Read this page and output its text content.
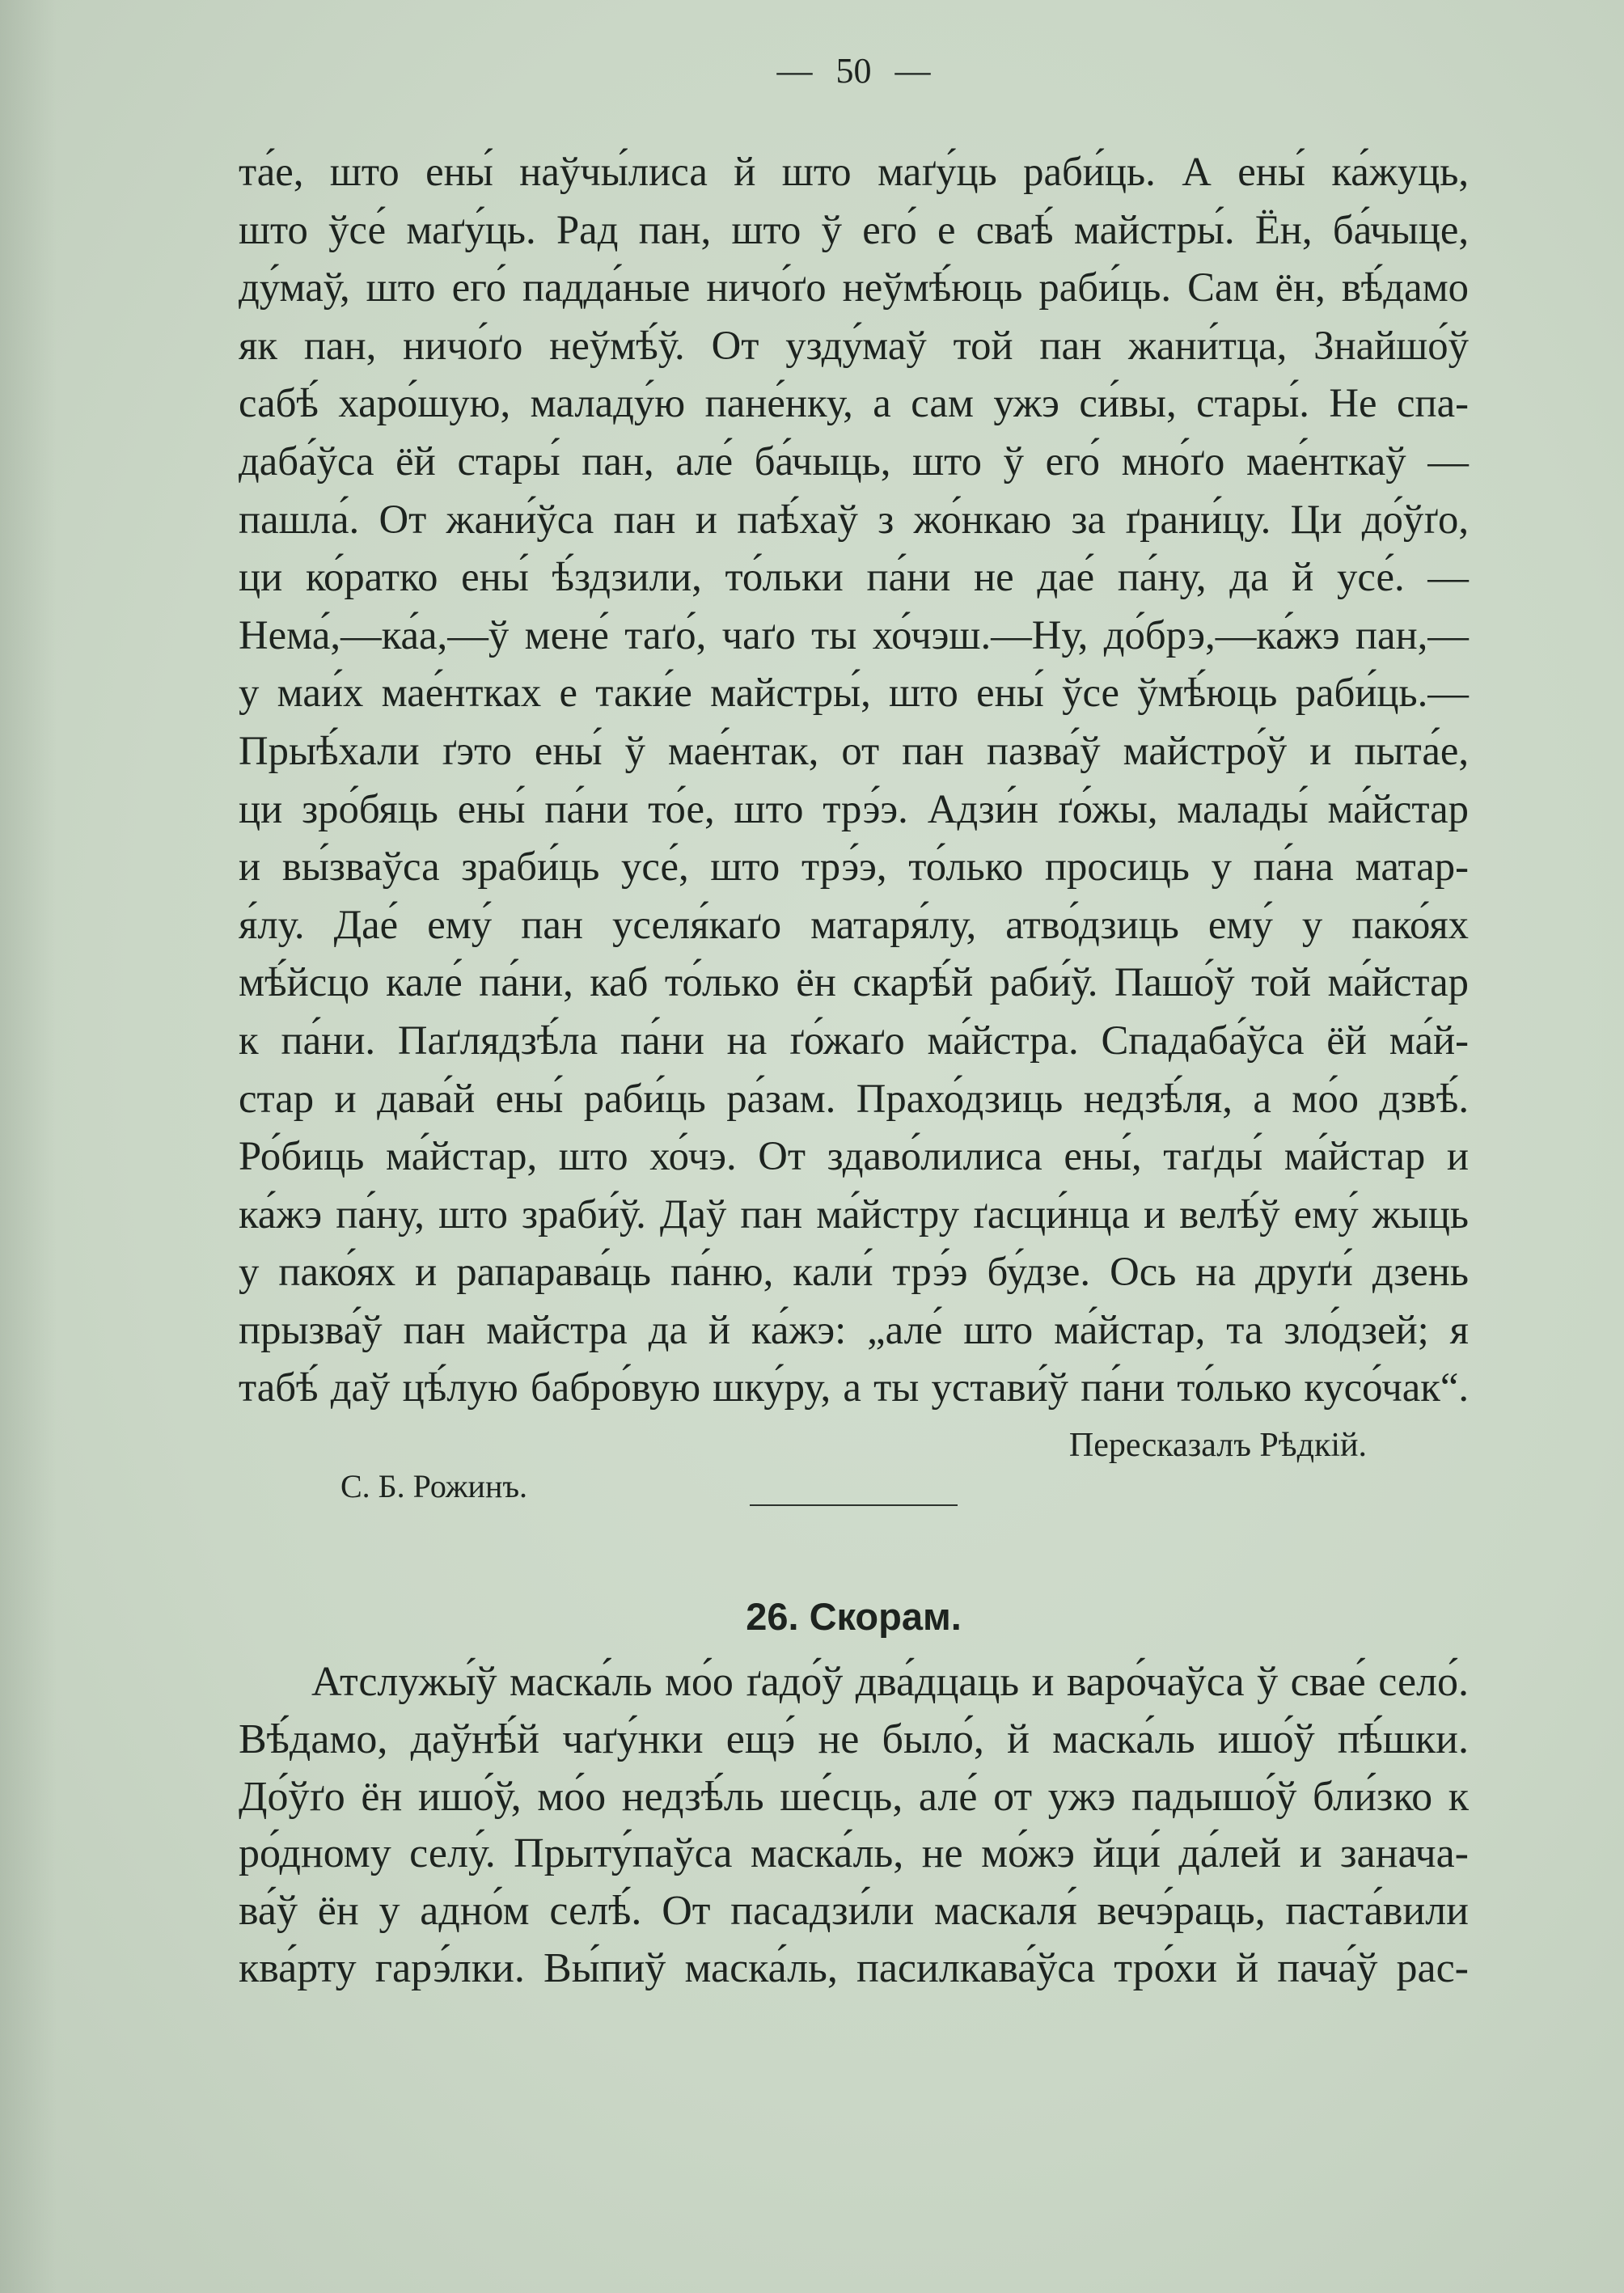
— 50 —
та́е, што ены́ наўчы́лиса й што маґу́ць раби́ць. А ены́ ка́жуць,
што ўсе́ маґу́ць. Рад пан, што ў его́ е сваѣ́ майстры́. Ён, ба́чыце,
ду́маў, што его́ падда́ные ничо́ґо неўмѣ́юць раби́ць. Сам ён, вѣ́дамо
як пан, ничо́ґо неўмѣ́ў. От узду́маў той пан жани́тца, Знайшо́ў
сабѣ́ харо́шую, маладу́ю пане́нку, а сам ужэ си́вы, стары́. Не спа-
даба́ўса ёй стары́ пан, але́ ба́чыць, што ў его́ мно́ґо мае́нткаў —
пашла́. От жани́ўса пан и паѣ́хаў з жо́нкаю за ґрани́цу. Ци до́ўґо,
ци ко́ратко ены́ ѣ́здзили, то́льки па́ни не дае́ па́ну, да й усе́. —
Нема́,—ка́а,—ў мене́ таґо́, чаґо ты хо́чэш.—Ну, до́брэ,—ка́жэ пан,—
у маи́х мае́нтках е таки́е майстры́, што ены́ ўсе ўмѣ́юць раби́ць.—
Прыѣ́хали ґэто ены́ ў мае́нтак, от пан пазва́ў майстро́ў и пыта́е,
ци зро́бяць ены́ па́ни то́е, што трэ́э. Адзи́н ґо́жы, малады́ ма́йстар
и вы́зваўса зраби́ць усе́, што трэ́э, то́лько просиць у па́на матар-
я́лу. Дае́ ему́ пан уселя́каґо матаря́лу, атво́дзиць ему́ у пако́ях
мѣ́йсцо кале́ па́ни, каб то́лько ён скарѣ́й раби́ў. Пашо́ў той ма́йстар
к па́ни. Паґлядзѣ́ла па́ни на ґо́жаґо ма́йстра. Спадаба́ўса ёй ма́й-
стар и дава́й ены́ раби́ць ра́зам. Прахо́дзиць недзѣ́ля, а мо́о дзвѣ́.
Ро́биць ма́йстар, што хо́чэ. От здаво́лилиса ены́, таґды́ ма́йстар и
ка́жэ па́ну, што зраби́ў. Даў пан ма́йстру ґасци́нца и велѣ́ў ему́ жыць
у пако́ях и рапарава́ць па́ню, кали́ трэ́э бу́дзе. Ось на друґи́ дзень
прызва́ў пан майстра да й ка́жэ: „але́ што ма́йстар, та зло́дзей; я
табѣ́ даў цѣ́лую бабро́вую шку́ру, а ты устави́ў па́ни то́лько кусо́чак“.
Пересказалъ Рѣдкій.
С. Б. Рожинъ.
26. Скорам.
Атслужы́ў маска́ль мо́о ґадо́ў два́дцаць и варо́чаўса ў свае́ село́.
Вѣ́дамо, даўнѣ́й чаґу́нки ещэ́ не было́, й маска́ль ишо́ў пѣ́шки.
До́ўґо ён ишо́ў, мо́о недзѣ́ль ше́сць, але́ от ужэ падышо́ў бли́зко к
ро́дному селу́. Прыту́паўса маска́ль, не мо́жэ йци́ да́лей и занача-
ва́ў ён у адно́м селѣ́. От пасадзи́ли маскаля́ вечэ́раць, паста́вили
ква́рту гарэ́лки. Вы́пиў маска́ль, пасилкава́ўса тро́хи й пача́ў рас-
